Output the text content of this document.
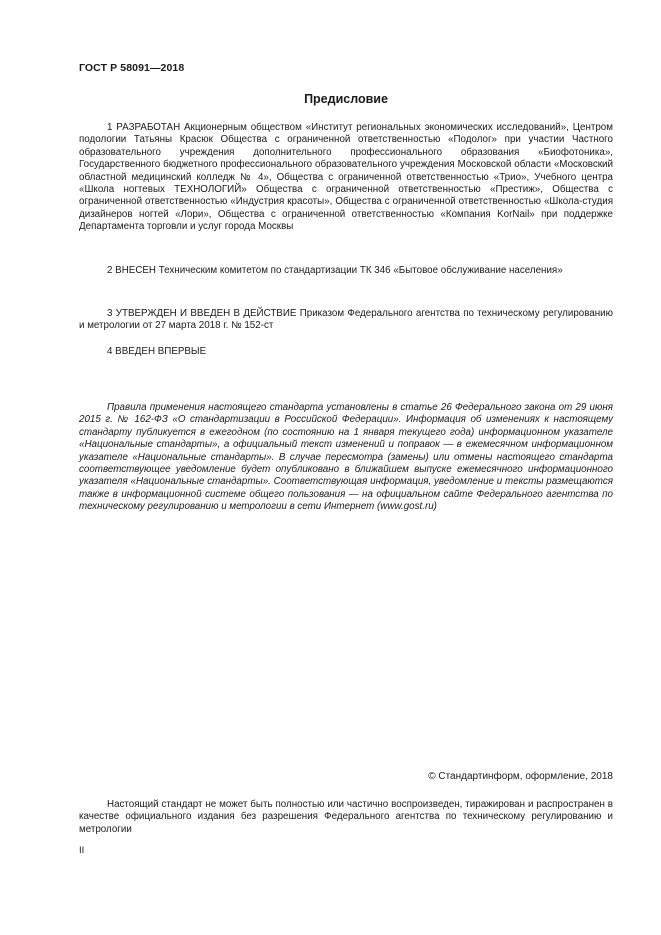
ГОСТ Р 58091—2018
Предисловие

1 РАЗРАБОТАН Акционерным обществом «Институт региональных экономических исследований», Центром подологии Татьяны Красюк Общества с ограниченной ответственностью «Подолог» при участии Частного образовательного учреждения дополнительного профессионального образования «Биофотоника», Государственного бюджетного профессионального образовательного учреждения Московской области «Московский областной медицинский колледж № 4», Общества с ограниченной ответственностью «Трио», Учебного центра «Школа ногтевых ТЕХНОЛОГИЙ» Общества с ограниченной ответственностью «Престиж», Общества с ограниченной ответственностью «Индустрия красоты», Общества с ограниченной ответственностью «Школа-студия дизайнеров ногтей «Лори», Общества с ограниченной ответственностью «Компания KorNail» при поддержке Департамента торговли и услуг города Москвы

2 ВНЕСЕН Техническим комитетом по стандартизации ТК 346 «Бытовое обслуживание населения»

3 УТВЕРЖДЕН И ВВЕДЕН В ДЕЙСТВИЕ Приказом Федерального агентства по техническому регулированию и метрологии от 27 марта 2018 г. № 152-ст

4 ВВЕДЕН ВПЕРВЫЕ

Правила применения настоящего стандарта установлены в статье 26 Федерального закона от 29 июня 2015 г. № 162-ФЗ «О стандартизации в Российской Федерации». Информация об изменениях к настоящему стандарту публикуется в ежегодном (по состоянию на 1 января текущего года) информационном указателе «Национальные стандарты», а официальный текст изменений и поправок — в ежемесячном информационном указателе «Национальные стандарты». В случае пересмотра (замены) или отмены настоящего стандарта соответствующее уведомление будет опубликовано в ближайшем выпуске ежемесячного информационного указателя «Национальные стандарты». Соответствующая информация, уведомление и тексты размещаются также в информационной системе общего пользования — на официальном сайте Федерального агентства по техническому регулированию и метрологии в сети Интернет (www.gost.ru)

© Стандартинформ, оформление, 2018

Настоящий стандарт не может быть полностью или частично воспроизведен, тиражирован и распространен в качестве официального издания без разрешения Федерального агентства по техническому регулированию и метрологии

II
